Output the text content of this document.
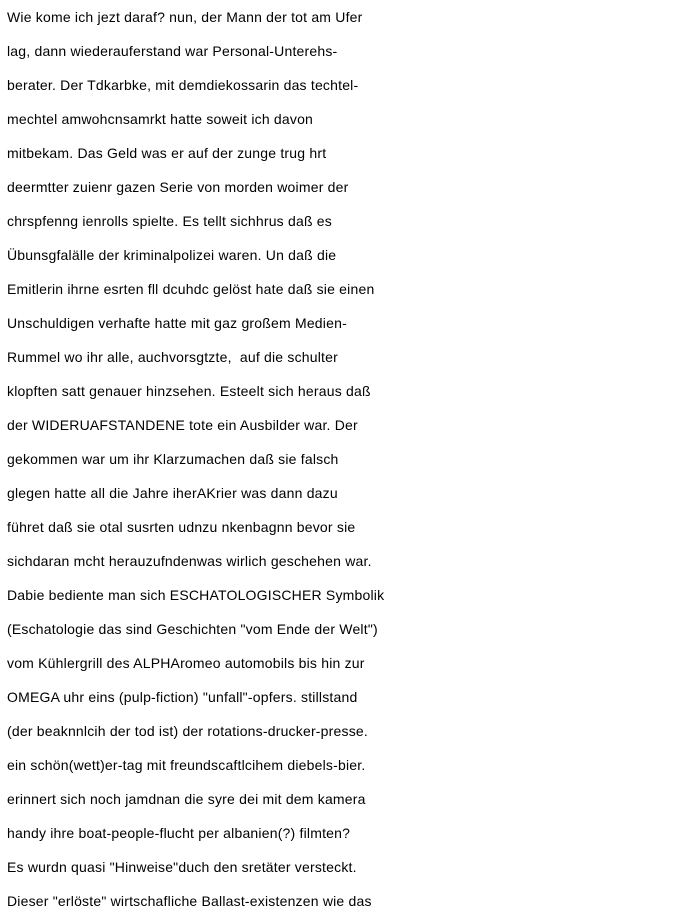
Wie kome ich jezt daraf? nun, der Mann der tot am Ufer
lag, dann wiederauferstand war Personal-Unterehs-
berater. Der Tdkarbke, mit demdiekossarin das techtel-
mechtel amwohcnsamrkt hatte soweit ich davon
mitbekam. Das Geld was er auf der zunge trug hrt
deermtter zuienr gazen Serie von morden woimer der
chrspfenng ienrolls spielte. Es tellt sichhrus daß es
Übunsgfalälle der kriminalpolizei waren. Un daß die
Emitlerin ihrne esrten fll dcuhdc gelöst hate daß sie einen
Unschuldigen verhafte hatte mit gaz großem Medien-
Rummel wo ihr alle, auchvorsgtzte,  auf die schulter
klopften satt genauer hinzsehen. Esteelt sich heraus daß
der WIDERUAFSTANDENE tote ein Ausbilder war. Der
gekommen war um ihr Klarzumachen daß sie falsch
glegen hatte all die Jahre iherAKrier was dann dazu
führet daß sie otal susrten udnzu nkenbagnn bevor sie
sichdaran mcht herauzufndenwas wirlich geschehen war.
Dabie bediente man sich ESCHATOLOGISCHER Symbolik
(Eschatologie das sind Geschichten "vom Ende der Welt")
vom Kühlergrill des ALPHAromeo automobils bis hin zur
OMEGA uhr eins (pulp-fiction) "unfall"-opfers. stillstand
(der beaknnlcih der tod ist) der rotations-drucker-presse.
ein schön(wett)er-tag mit freundscaftlcihem diebels-bier.
erinnert sich noch jamdnan die syre dei mit dem kamera
handy ihre boat-people-flucht per albanien(?) filmten?
Es wurdn quasi "Hinweise"duch den sretäter versteckt.
Dieser "erlöste" wirtschafliche Ballast-existenzen wie das
